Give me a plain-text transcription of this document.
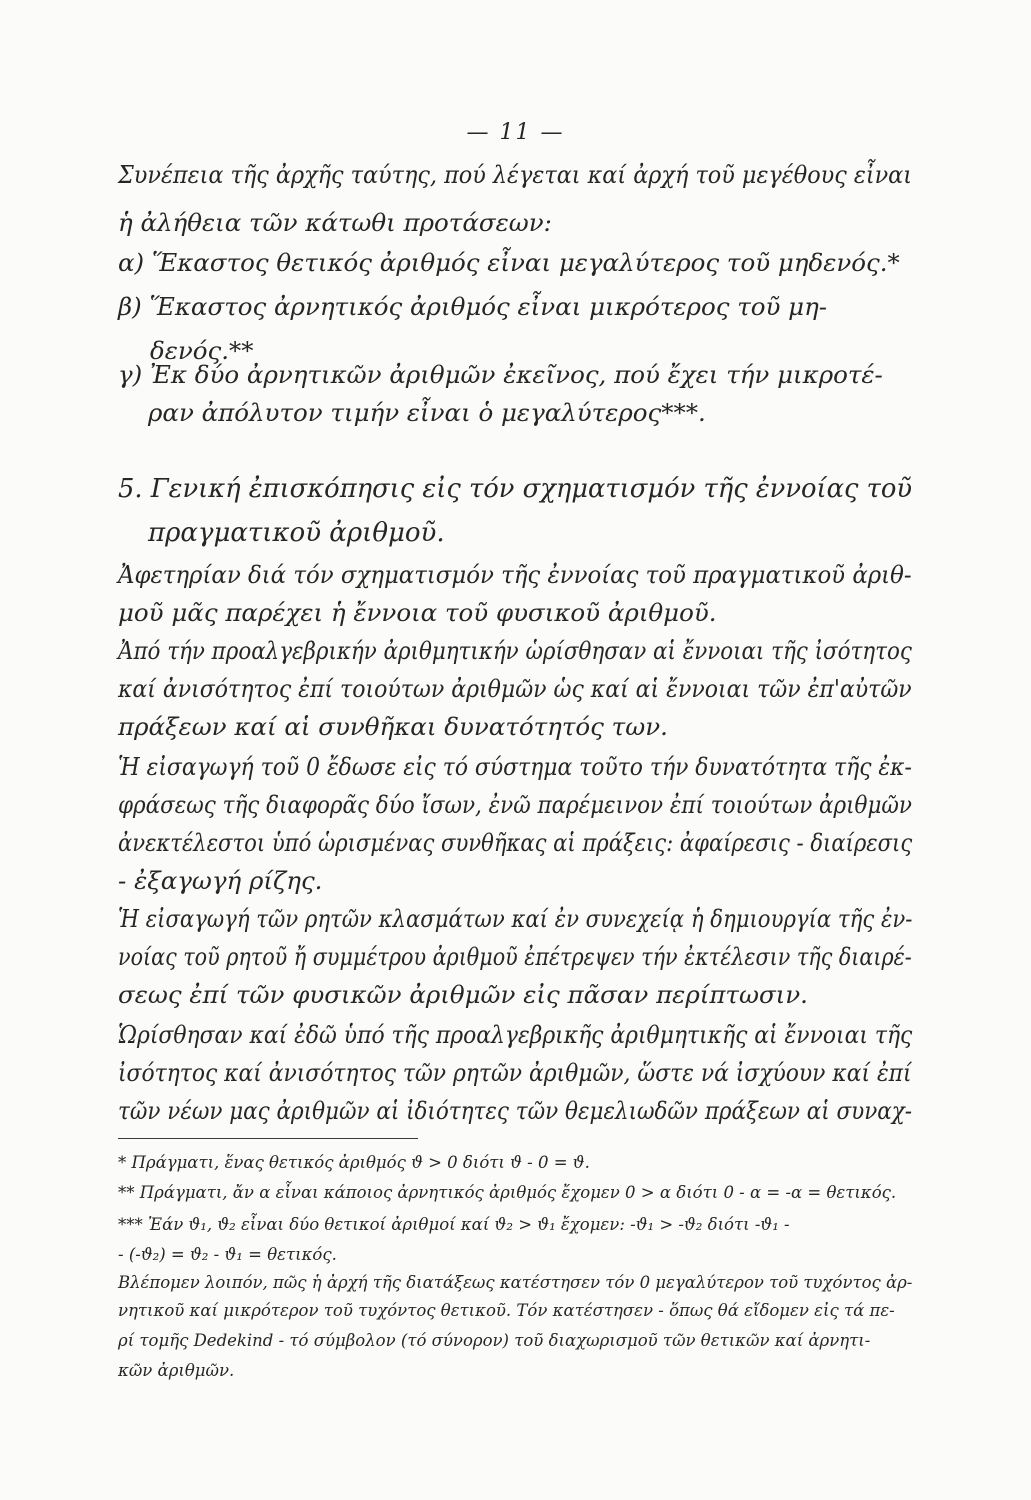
— 11 —
Συνέπεια τῆς ἀρχῆς ταύτης, πού λέγεται καί ἀρχή τοῦ μεγέθους εἶναι
ἡ ἀλήθεια τῶν κάτωθι προτάσεων:
α) Ἕκαστος θετικός ἀριθμός εἶναι μεγαλύτερος τοῦ μηδενός.*
β) Ἕκαστος ἀρνητικός ἀριθμός εἶναι μικρότερος τοῦ μη-
δενός.**
γ) Ἐκ δύο ἀρνητικῶν ἀριθμῶν ἐκεῖνος, πού ἔχει τήν μικροτέ-
ραν ἀπόλυτον τιμήν εἶναι ὁ μεγαλύτερος***.
5. Γενική ἐπισκόπησις εἰς τόν σχηματισμόν τῆς ἐννοίας τοῦ
πραγματικοῦ ἀριθμοῦ.
Ἀφετηρίαν διά τόν σχηματισμόν τῆς ἐννοίας τοῦ πραγματικοῦ ἀριθ-
μοῦ μᾶς παρέχει ἡ ἔννοια τοῦ φυσικοῦ ἀριθμοῦ.
Ἀπό τήν προαλγεβρικήν ἀριθμητικήν ὡρίσθησαν αἱ ἔννοιαι τῆς ἰσότητος
καί ἀνισότητος ἐπί τοιούτων ἀριθμῶν ὡς καί αἱ ἔννοιαι τῶν ἐπ'αὐτῶν
πράξεων καί αἱ συνθῆκαι δυνατότητός των.
Ἡ εἰσαγωγή τοῦ 0 ἔδωσε εἰς τό σύστημα τοῦτο τήν δυνατότητα τῆς ἐκ-
φράσεως τῆς διαφορᾶς δύο ἴσων, ἐνῶ παρέμεινον ἐπί τοιούτων ἀριθμῶν
ἀνεκτέλεστοι ὑπό ὡρισμένας συνθῆκας αἱ πράξεις: ἀφαίρεσις - διαίρεσις
- ἐξαγωγή ρίζης.
Ἡ εἰσαγωγή τῶν ρητῶν κλασμάτων καί ἐν συνεχείᾳ ἡ δημιουργία τῆς ἐν-
νοίας τοῦ ρητοῦ ἤ συμμέτρου ἀριθμοῦ ἐπέτρεψεν τήν ἐκτέλεσιν τῆς διαιρέ-
σεως ἐπί τῶν φυσικῶν ἀριθμῶν εἰς πᾶσαν περίπτωσιν.
Ὡρίσθησαν καί ἐδῶ ὑπό τῆς προαλγεβρικῆς ἀριθμητικῆς αἱ ἔννοιαι τῆς
ἰσότητος καί ἀνισότητος τῶν ρητῶν ἀριθμῶν, ὥστε νά ἰσχύουν καί ἐπί
τῶν νέων μας ἀριθμῶν αἱ ἰδιότητες τῶν θεμελιωδῶν πράξεων αἱ συναχ-
* Πράγματι, ἕνας θετικός ἀριθμός ϑ > 0 διότι ϑ - 0 = ϑ.
** Πράγματι, ἄν α εἶναι κάποιος ἀρνητικός ἀριθμός ἔχομεν 0 > α διότι 0 - α = -α = θετικός.
*** Ἐάν ϑ₁, ϑ₂ εἶναι δύο θετικοί ἀριθμοί καί ϑ₂ > ϑ₁ ἔχομεν: -ϑ₁ > -ϑ₂ διότι -ϑ₁ -
- (-ϑ₂) = ϑ₂ - ϑ₁ = θετικός.
Βλέπομεν λοιπόν, πῶς ἡ ἀρχή τῆς διατάξεως κατέστησεν τόν 0 μεγαλύτερον τοῦ τυχόντος ἀρ-
νητικοῦ καί μικρότερον τοῦ τυχόντος θετικοῦ. Τόν κατέστησεν - ὅπως θά εἴδομεν εἰς τά πε-
ρί τομῆς Dedekind - τό σύμβολον (τό σύνορον) τοῦ διαχωρισμοῦ τῶν θετικῶν καί ἀρνητι-
κῶν ἀριθμῶν.
